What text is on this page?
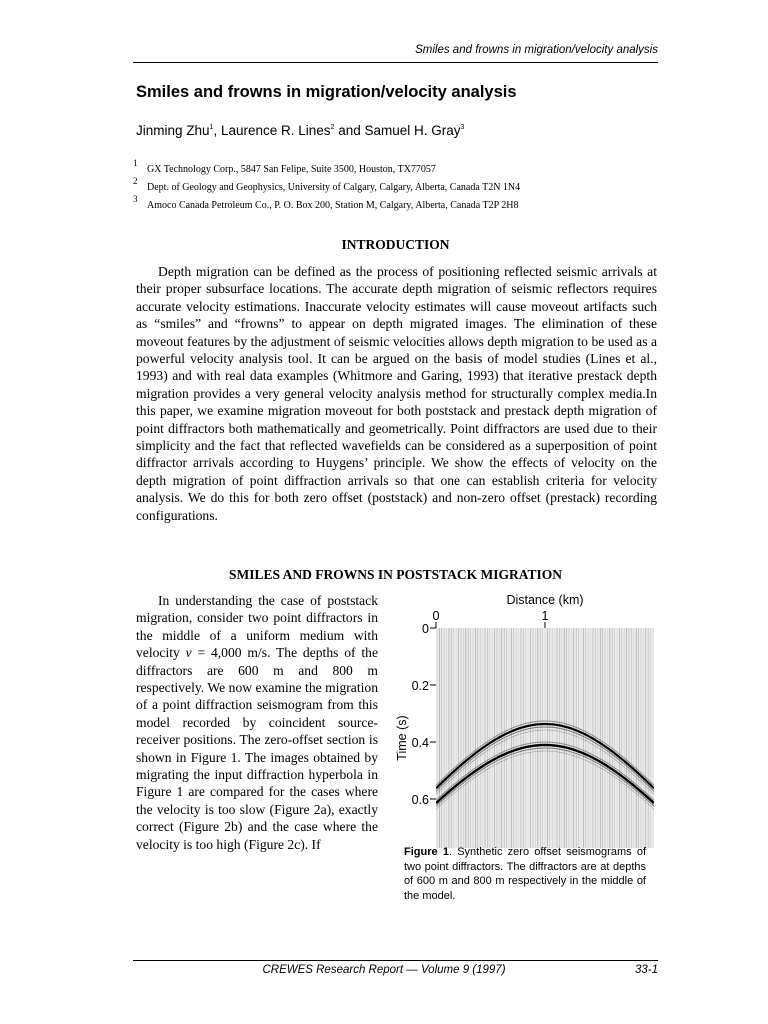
Smiles and frowns in migration/velocity analysis
Smiles and frowns in migration/velocity analysis
Jinming Zhu$^1$, Laurence R. Lines$^2$ and Samuel H. Gray$^3$
1GX Technology Corp., 5847 San Felipe, Suite 3500, Houston, TX77057
2Dept. of Geology and Geophysics, University of Calgary, Calgary, Alberta, Canada T2N 1N4
3Amoco Canada Petroleum Co., P. O. Box 200, Station M, Calgary, Alberta, Canada T2P 2H8
INTRODUCTION

Depth migration can be defined as the process of positioning reflected seismic arrivals at their proper subsurface locations. The accurate depth migration of seismic reflectors requires accurate velocity estimations. Inaccurate velocity estimates will cause moveout artifacts such as “smiles” and “frowns” to appear on depth migrated images. The elimination of these moveout features by the adjustment of seismic velocities allows depth migration to be used as a powerful velocity analysis tool. It can be argued on the basis of model studies (Lines et al., 1993) and with real data examples (Whitmore and Garing, 1993) that iterative prestack depth migration provides a very general velocity analysis method for structurally complex media.In this paper, we examine migration moveout for both poststack and prestack depth migration of point diffractors both mathematically and geometrically. Point diffractors are used due to their simplicity and the fact that reflected wavefields can be considered as a superposition of point diffractor arrivals according to Huygens’ principle. We show the effects of velocity on the depth migration of point diffraction arrivals so that one can establish criteria for velocity analysis. We do this for both zero offset (poststack) and non-zero offset (prestack) recording configurations.

SMILES AND FROWNS IN POSTSTACK MIGRATION

In understanding the case of poststack migration, consider two point diffractors in the middle of a uniform medium with velocity v = 4,000 m/s. The depths of the diffractors are 600 m and 800 m respectively. We now examine the migration of a point diffraction seismogram from this model recorded by coincident source-receiver positions. The zero-offset section is shown in Figure 1. The images obtained by migrating the input diffraction hyperbola in Figure 1 are compared for the cases where the velocity is too slow (Figure 2a), exactly correct (Figure 2b) and the case where the velocity is too high (Figure 2c). If

Distance (km)
0	1
0
0.2
0.4
0.6
Time (s)
Figure 1. Synthetic zero offset seismograms of two point diffractors. The diffractors are at depths of 600 m and 800 m respectively in the middle of the model.
CREWES Research Report — Volume 9 (1997)	33-1
